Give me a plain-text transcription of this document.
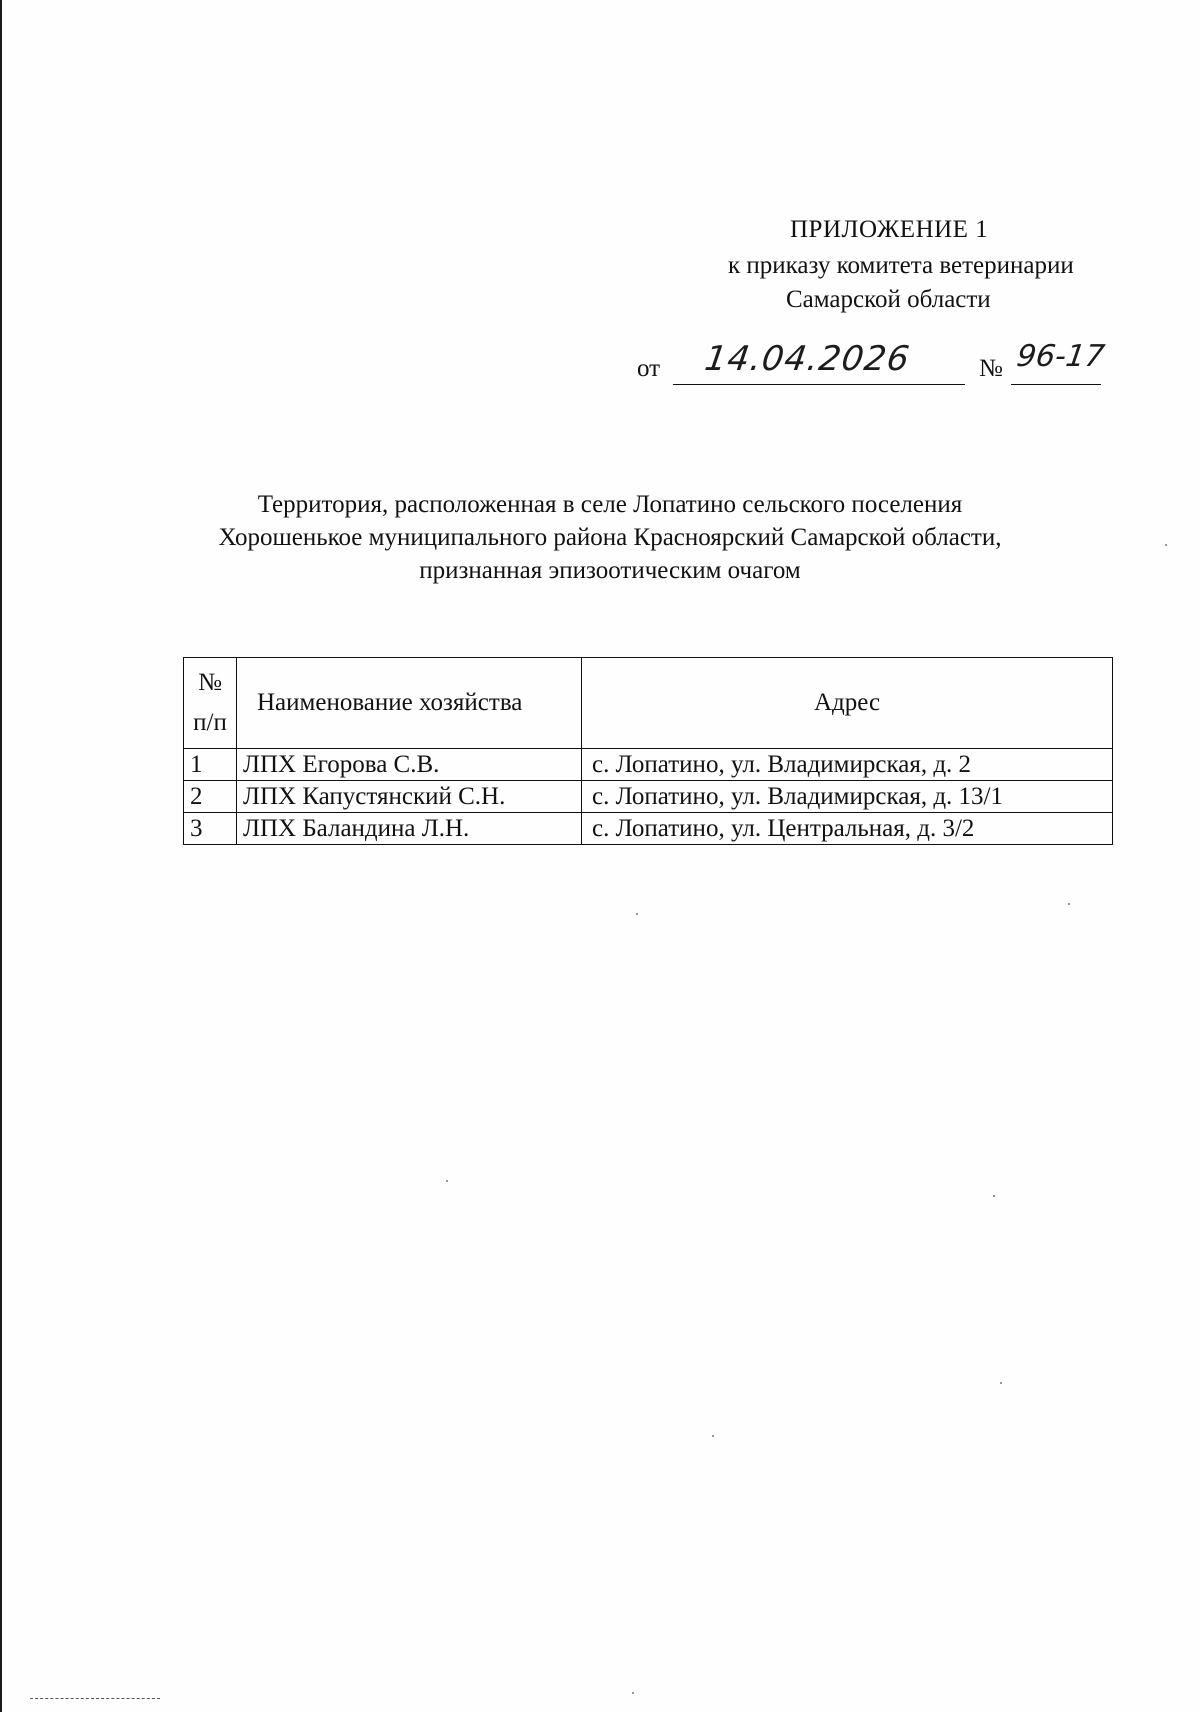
ПРИЛОЖЕНИЕ 1
к приказу комитета ветеринарии
Самарской области
от 14.04.2026	№ 96-17
Территория, расположенная в селе Лопатино сельского поселения
Хорошенькое муниципального района Красноярский Самарской области,
признанная эпизоотическим очагом
№
п/п	Наименование хозяйства	Адрес
1	ЛПХ Егорова С.В.	с. Лопатино, ул. Владимирская, д. 2
2	ЛПХ Капустянский С.Н.	с. Лопатино, ул. Владимирская, д. 13/1
3	ЛПХ Баландина Л.Н.	с. Лопатино, ул. Центральная, д. 3/2
